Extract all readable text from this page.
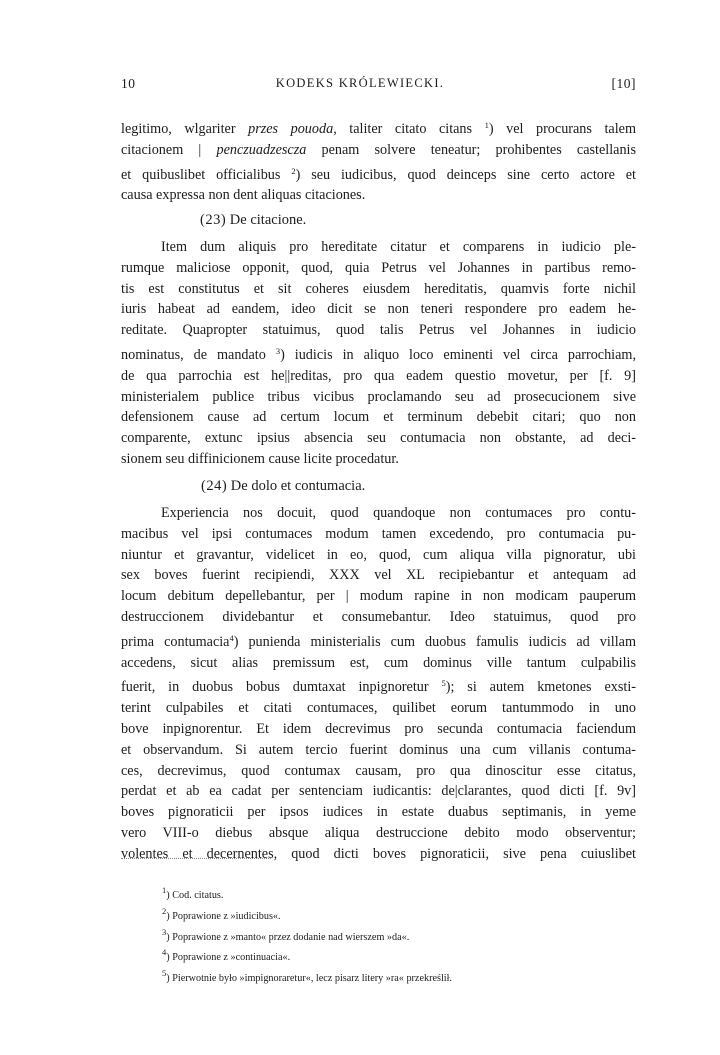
10	KODEKS KRÓLEWIECKI.	[10]
legitimo, wlgariter przes pouoda, taliter citato citans $^1$) vel procurans talem
citacionem | penczuadzescza penam solvere teneatur; prohibentes castellanis
et quibuslibet officialibus $^2$) seu iudicibus, quod deinceps sine certo actore et
causa expressa non dent aliquas citaciones.
(23) De citacione.
Item dum aliquis pro hereditate citatur et comparens in iudicio ple-
rumque maliciose opponit, quod, quia Petrus vel Johannes in partibus remo-
tis est constitutus et sit coheres eiusdem hereditatis, quamvis forte nichil
iuris habeat ad eandem, ideo dicit se non teneri respondere pro eadem he-
reditate. Quapropter statuimus, quod talis Petrus vel Johannes in iudicio
nominatus, de mandato $^3$) iudicis in aliquo loco eminenti vel circa parrochiam,
de qua parrochia est he||reditas, pro qua eadem questio movetur, per [f. 9]
ministerialem publice tribus vicibus proclamando seu ad prosecucionem sive
defensionem cause ad certum locum et terminum debebit citari; quo non
comparente, extunc ipsius absencia seu contumacia non obstante, ad deci-
sionem seu diffinicionem cause licite procedatur.
(24) De dolo et contumacia.
Experiencia nos docuit, quod quandoque non contumaces pro contu-
macibus vel ipsi contumaces modum tamen excedendo, pro contumacia pu-
niuntur et gravantur, videlicet in eo, quod, cum aliqua villa pignoratur, ubi
sex boves fuerint recipiendi, XXX vel XL recipiebantur et antequam ad
locum debitum depellebantur, per | modum rapine in non modicam pauperum
destruccionem dividebantur et consumebantur. Ideo statuimus, quod pro
prima contumacia$^4$) punienda ministerialis cum duobus famulis iudicis ad villam
accedens, sicut alias premissum est, cum dominus ville tantum culpabilis
fuerit, in duobus bobus dumtaxat inpignoretur $^5$); si autem kmetones exsti-
terint culpabiles et citati contumaces, quilibet eorum tantummodo in uno
bove inpignorentur. Et idem decrevimus pro secunda contumacia faciendum
et observandum. Si autem tercio fuerint dominus una cum villanis contuma-
ces, decrevimus, quod contumax causam, pro qua dinoscitur esse citatus,
perdat et ab ea cadat per sentenciam iudicantis: de|clarantes, quod dicti [f. 9v]
boves pignoraticii per ipsos iudices in estate duabus septimanis, in yeme
vero VIII-o diebus absque aliqua destruccione debito modo observentur;
volentes et decernentes, quod dicti boves pignoraticii, sive pena cuiuslibet
$^1$) Cod. citatus.
$^2$) Poprawione z »iudicibus«.
$^3$) Poprawione z »manto« przez dodanie nad wierszem »da«.
$^4$) Poprawione z »continuacia«.
$^5$) Pierwotnie było »impignoraretur«, lecz pisarz litery »ra« przekreślił.
